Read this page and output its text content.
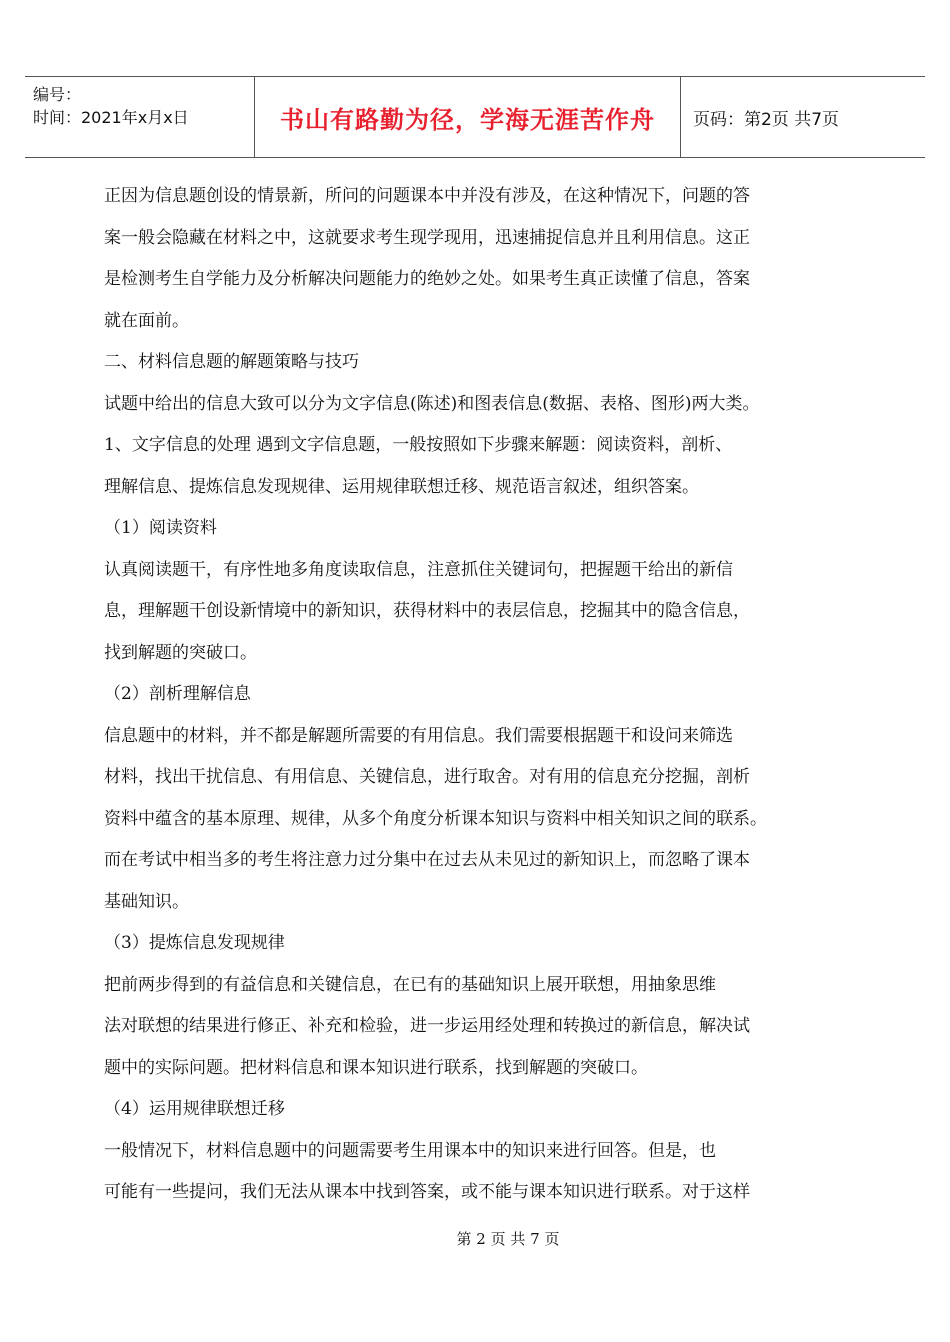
编号：
时间：2021年x月x日	书山有路勤为径，学海无涯苦作舟	页码：第2页 共7页

正因为信息题创设的情景新，所问的问题课本中并没有涉及，在这种情况下，问题的答

案一般会隐藏在材料之中，这就要求考生现学现用，迅速捕捉信息并且利用信息。这正

是检测考生自学能力及分析解决问题能力的绝妙之处。如果考生真正读懂了信息，答案

就在面前。

二、材料信息题的解题策略与技巧

试题中给出的信息大致可以分为文字信息(陈述)和图表信息(数据、表格、图形)两大类。

1、文字信息的处理 遇到文字信息题，一般按照如下步骤来解题：阅读资料，剖析、

理解信息、提炼信息发现规律、运用规律联想迁移、规范语言叙述，组织答案。

（1）阅读资料

认真阅读题干，有序性地多角度读取信息，注意抓住关键词句，把握题干给出的新信

息，理解题干创设新情境中的新知识，获得材料中的表层信息，挖掘其中的隐含信息，

找到解题的突破口。

（2）剖析理解信息

信息题中的材料，并不都是解题所需要的有用信息。我们需要根据题干和设问来筛选

材料，找出干扰信息、有用信息、关键信息，进行取舍。对有用的信息充分挖掘，剖析

资料中蕴含的基本原理、规律，从多个角度分析课本知识与资料中相关知识之间的联系。

而在考试中相当多的考生将注意力过分集中在过去从未见过的新知识上，而忽略了课本

基础知识。

（3）提炼信息发现规律

把前两步得到的有益信息和关键信息，在已有的基础知识上展开联想，用抽象思维

法对联想的结果进行修正、补充和检验，进一步运用经处理和转换过的新信息，解决试

题中的实际问题。把材料信息和课本知识进行联系，找到解题的突破口。

（4）运用规律联想迁移

一般情况下，材料信息题中的问题需要考生用课本中的知识来进行回答。但是，也

可能有一些提问，我们无法从课本中找到答案，或不能与课本知识进行联系。对于这样

第 2 页 共 7 页
